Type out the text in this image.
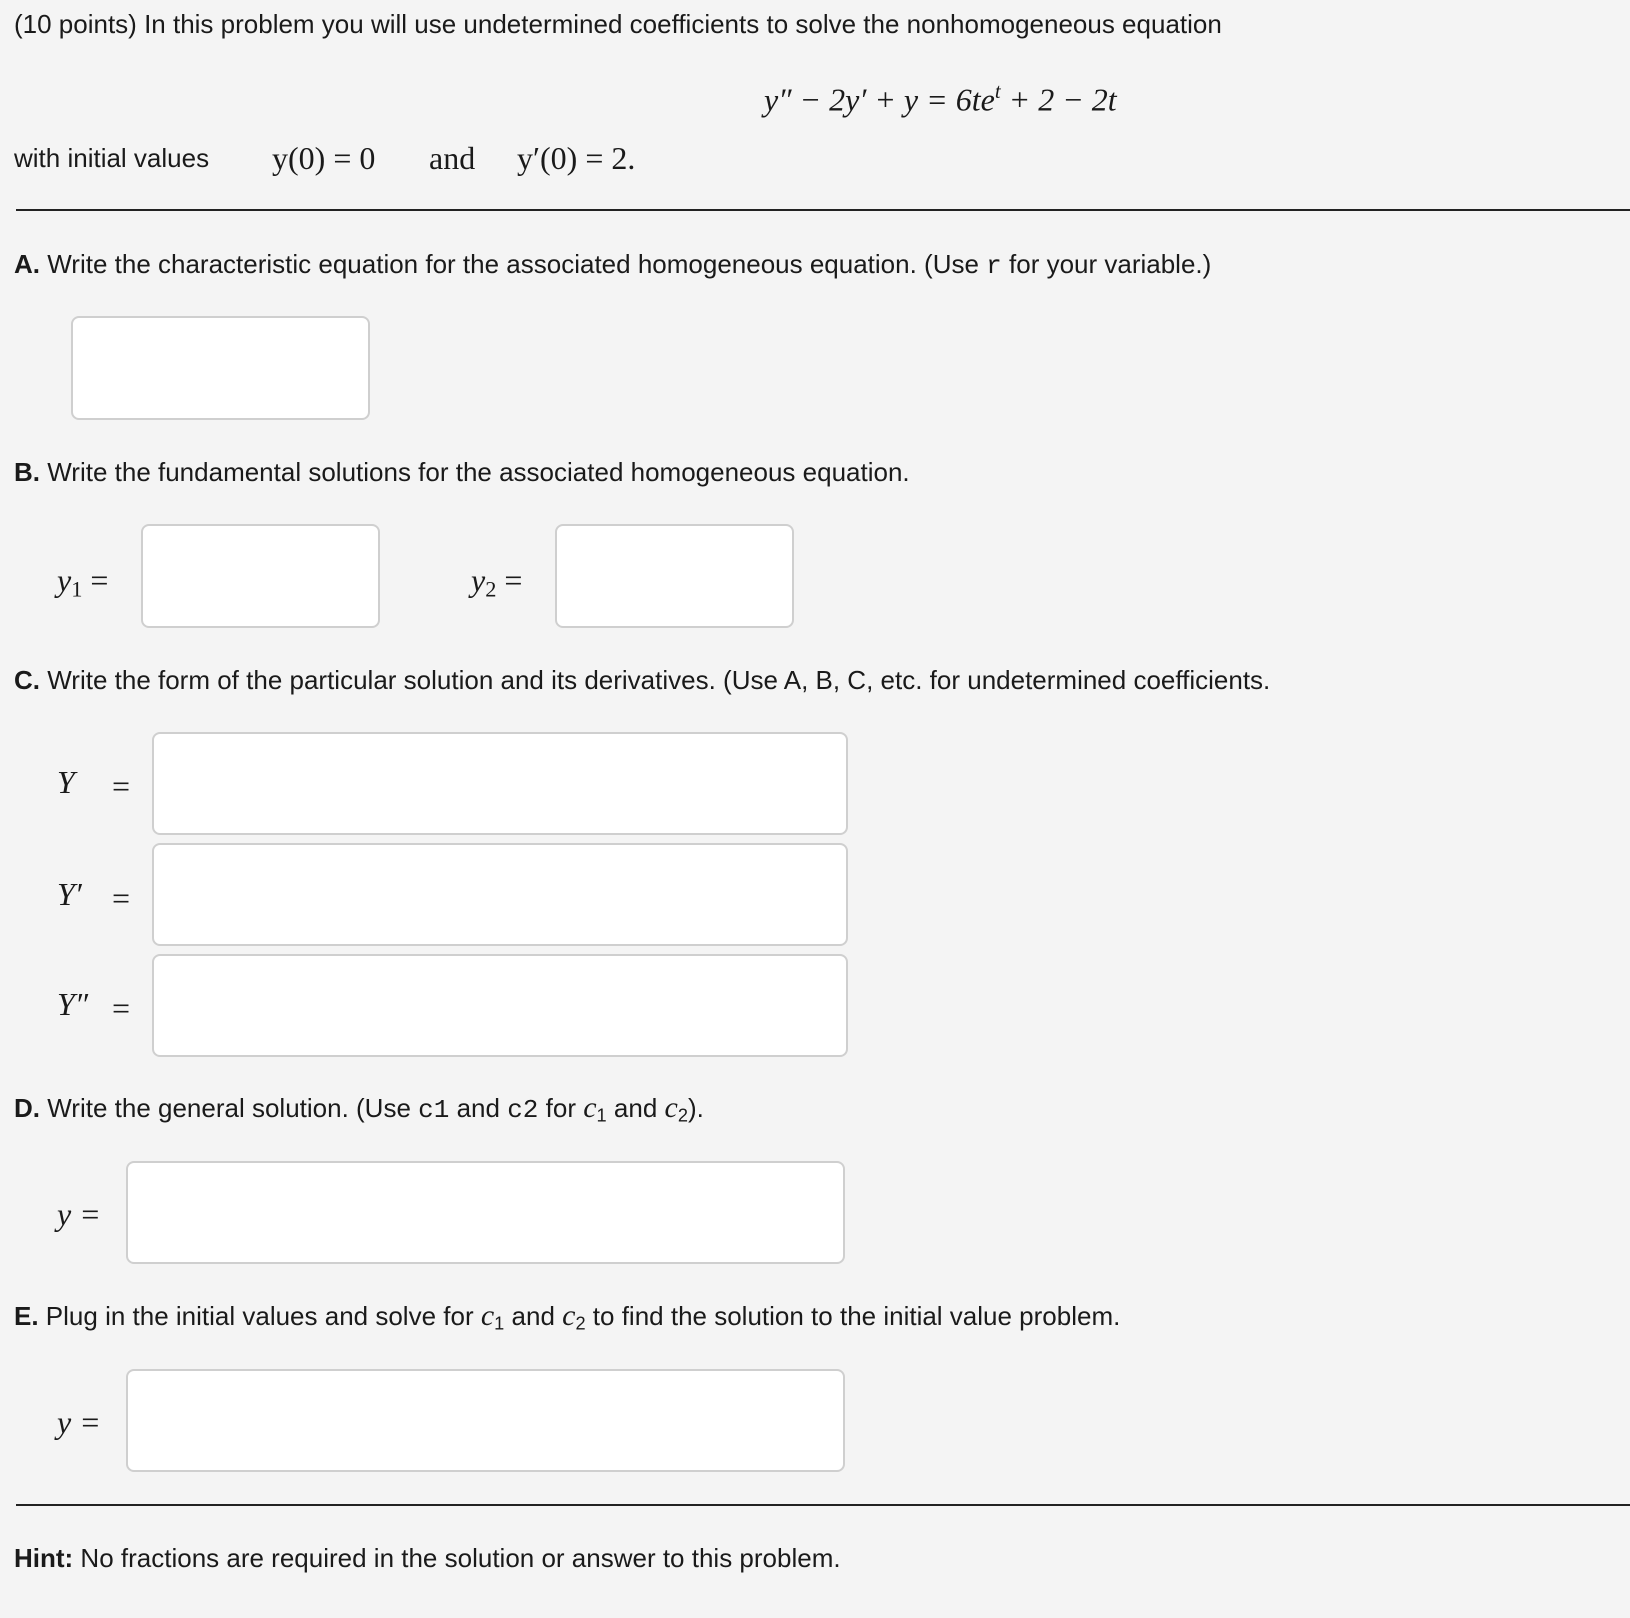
(10 points) In this problem you will use undetermined coefficients to solve the nonhomogeneous equation
$y'' - 2y' + y = 6te^t + 2 - 2t$
with initial values y(0) = 0 and y′(0) = 2.
A. Write the characteristic equation for the associated homogeneous equation. (Use r for your variable.)
B. Write the fundamental solutions for the associated homogeneous equation.
$y_1$ =	$y_2$ =
C. Write the form of the particular solution and its derivatives. (Use A, B, C, etc. for undetermined coefficients.
Y =
Y′ =
Y″ =
D. Write the general solution. (Use c1 and c2 for $c_1$ and $c_2$).
y =
E. Plug in the initial values and solve for $c_1$ and $c_2$ to find the solution to the initial value problem.
y =
Hint: No fractions are required in the solution or answer to this problem.
